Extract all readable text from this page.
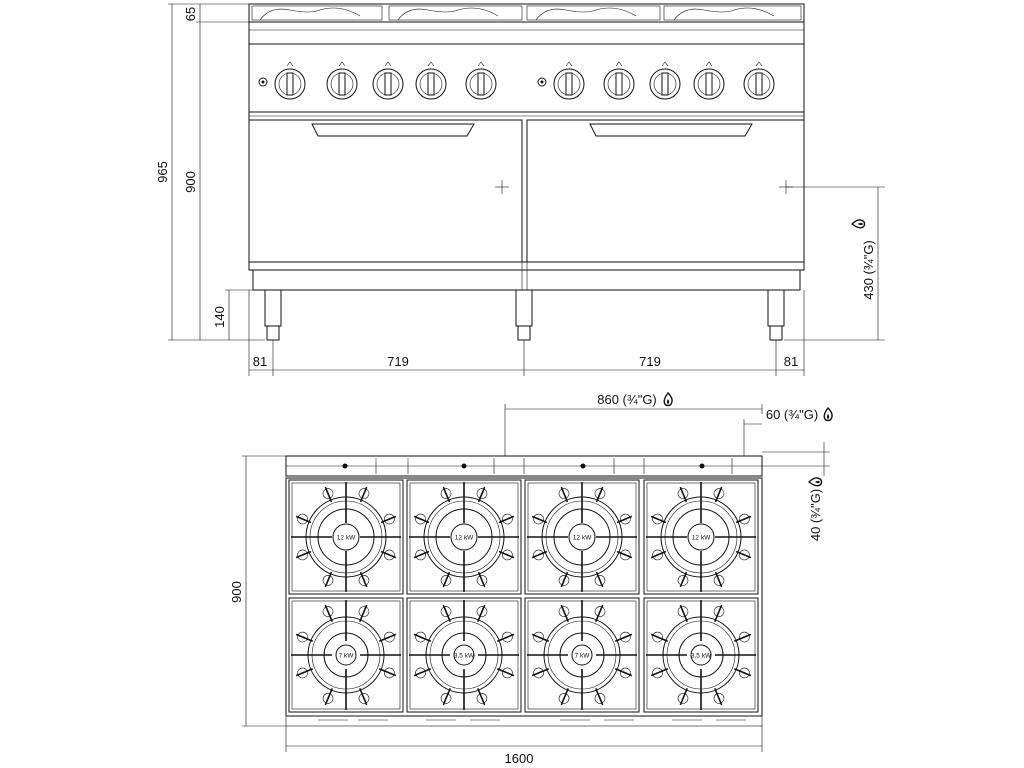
965
65
900
140
81	719	719	81
430 (¾"G)
12 kW	12 kW	12 kW	12 kW
7 kW	3,5 kW	7 kW	3,5 kW
900
1600
860 (¾"G)
60 (¾"G)
40 (¾"G)
